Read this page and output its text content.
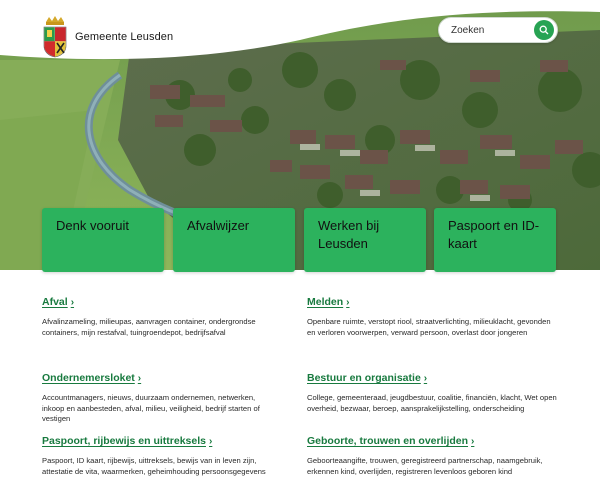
Gemeente Leusden
Zoeken
Denk vooruit	Afvalwijzer	Werken bij Leusden
Paspoort en ID-kaart
Afval ›
Afvalinzameling, milieupas, aanvragen container, ondergrondse containers, mijn restafval, tuingroendepot, bedrijfsafval
Ondernemersloket ›
Accountmanagers, nieuws, duurzaam ondernemen, netwerken, inkoop en aanbesteden, afval, milieu, veiligheid, bedrijf starten of vestigen
Paspoort, rijbewijs en uittreksels ›
Paspoort, ID kaart, rijbewijs, uittreksels, bewijs van in leven zijn, attestatie de vita, waarmerken, geheimhouding persoonsgegevens
Melden ›
Openbare ruimte, verstopt riool, straatverlichting, milieuklacht, gevonden en verloren voorwerpen, verward persoon, overlast door jongeren
Bestuur en organisatie ›
College, gemeenteraad, jeugdbestuur, coalitie, financiën, klacht, Wet open overheid, bezwaar, beroep, aansprakelijkstelling, onderscheiding
Geboorte, trouwen en overlijden ›
Geboorteaangifte, trouwen, geregistreerd partnerschap, naamgebruik, erkennen kind, overlijden, registreren levenloos geboren kind
